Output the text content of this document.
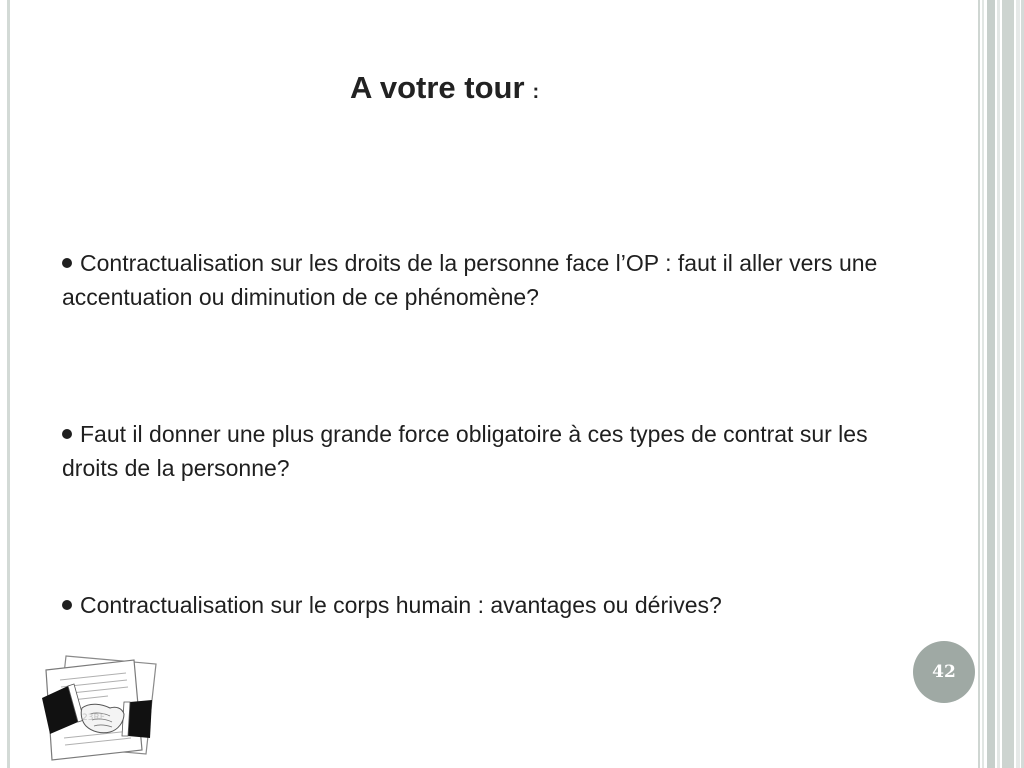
A votre tour :
Contractualisation sur les droits de la personne face l’OP : faut il aller vers une accentuation ou diminution de ce phénomène?
Faut il donner une plus grande force obligatoire à ces types de contrat sur les droits de la personne?
Contractualisation sur le corps humain : avantages ou dérives?
42
23RF
